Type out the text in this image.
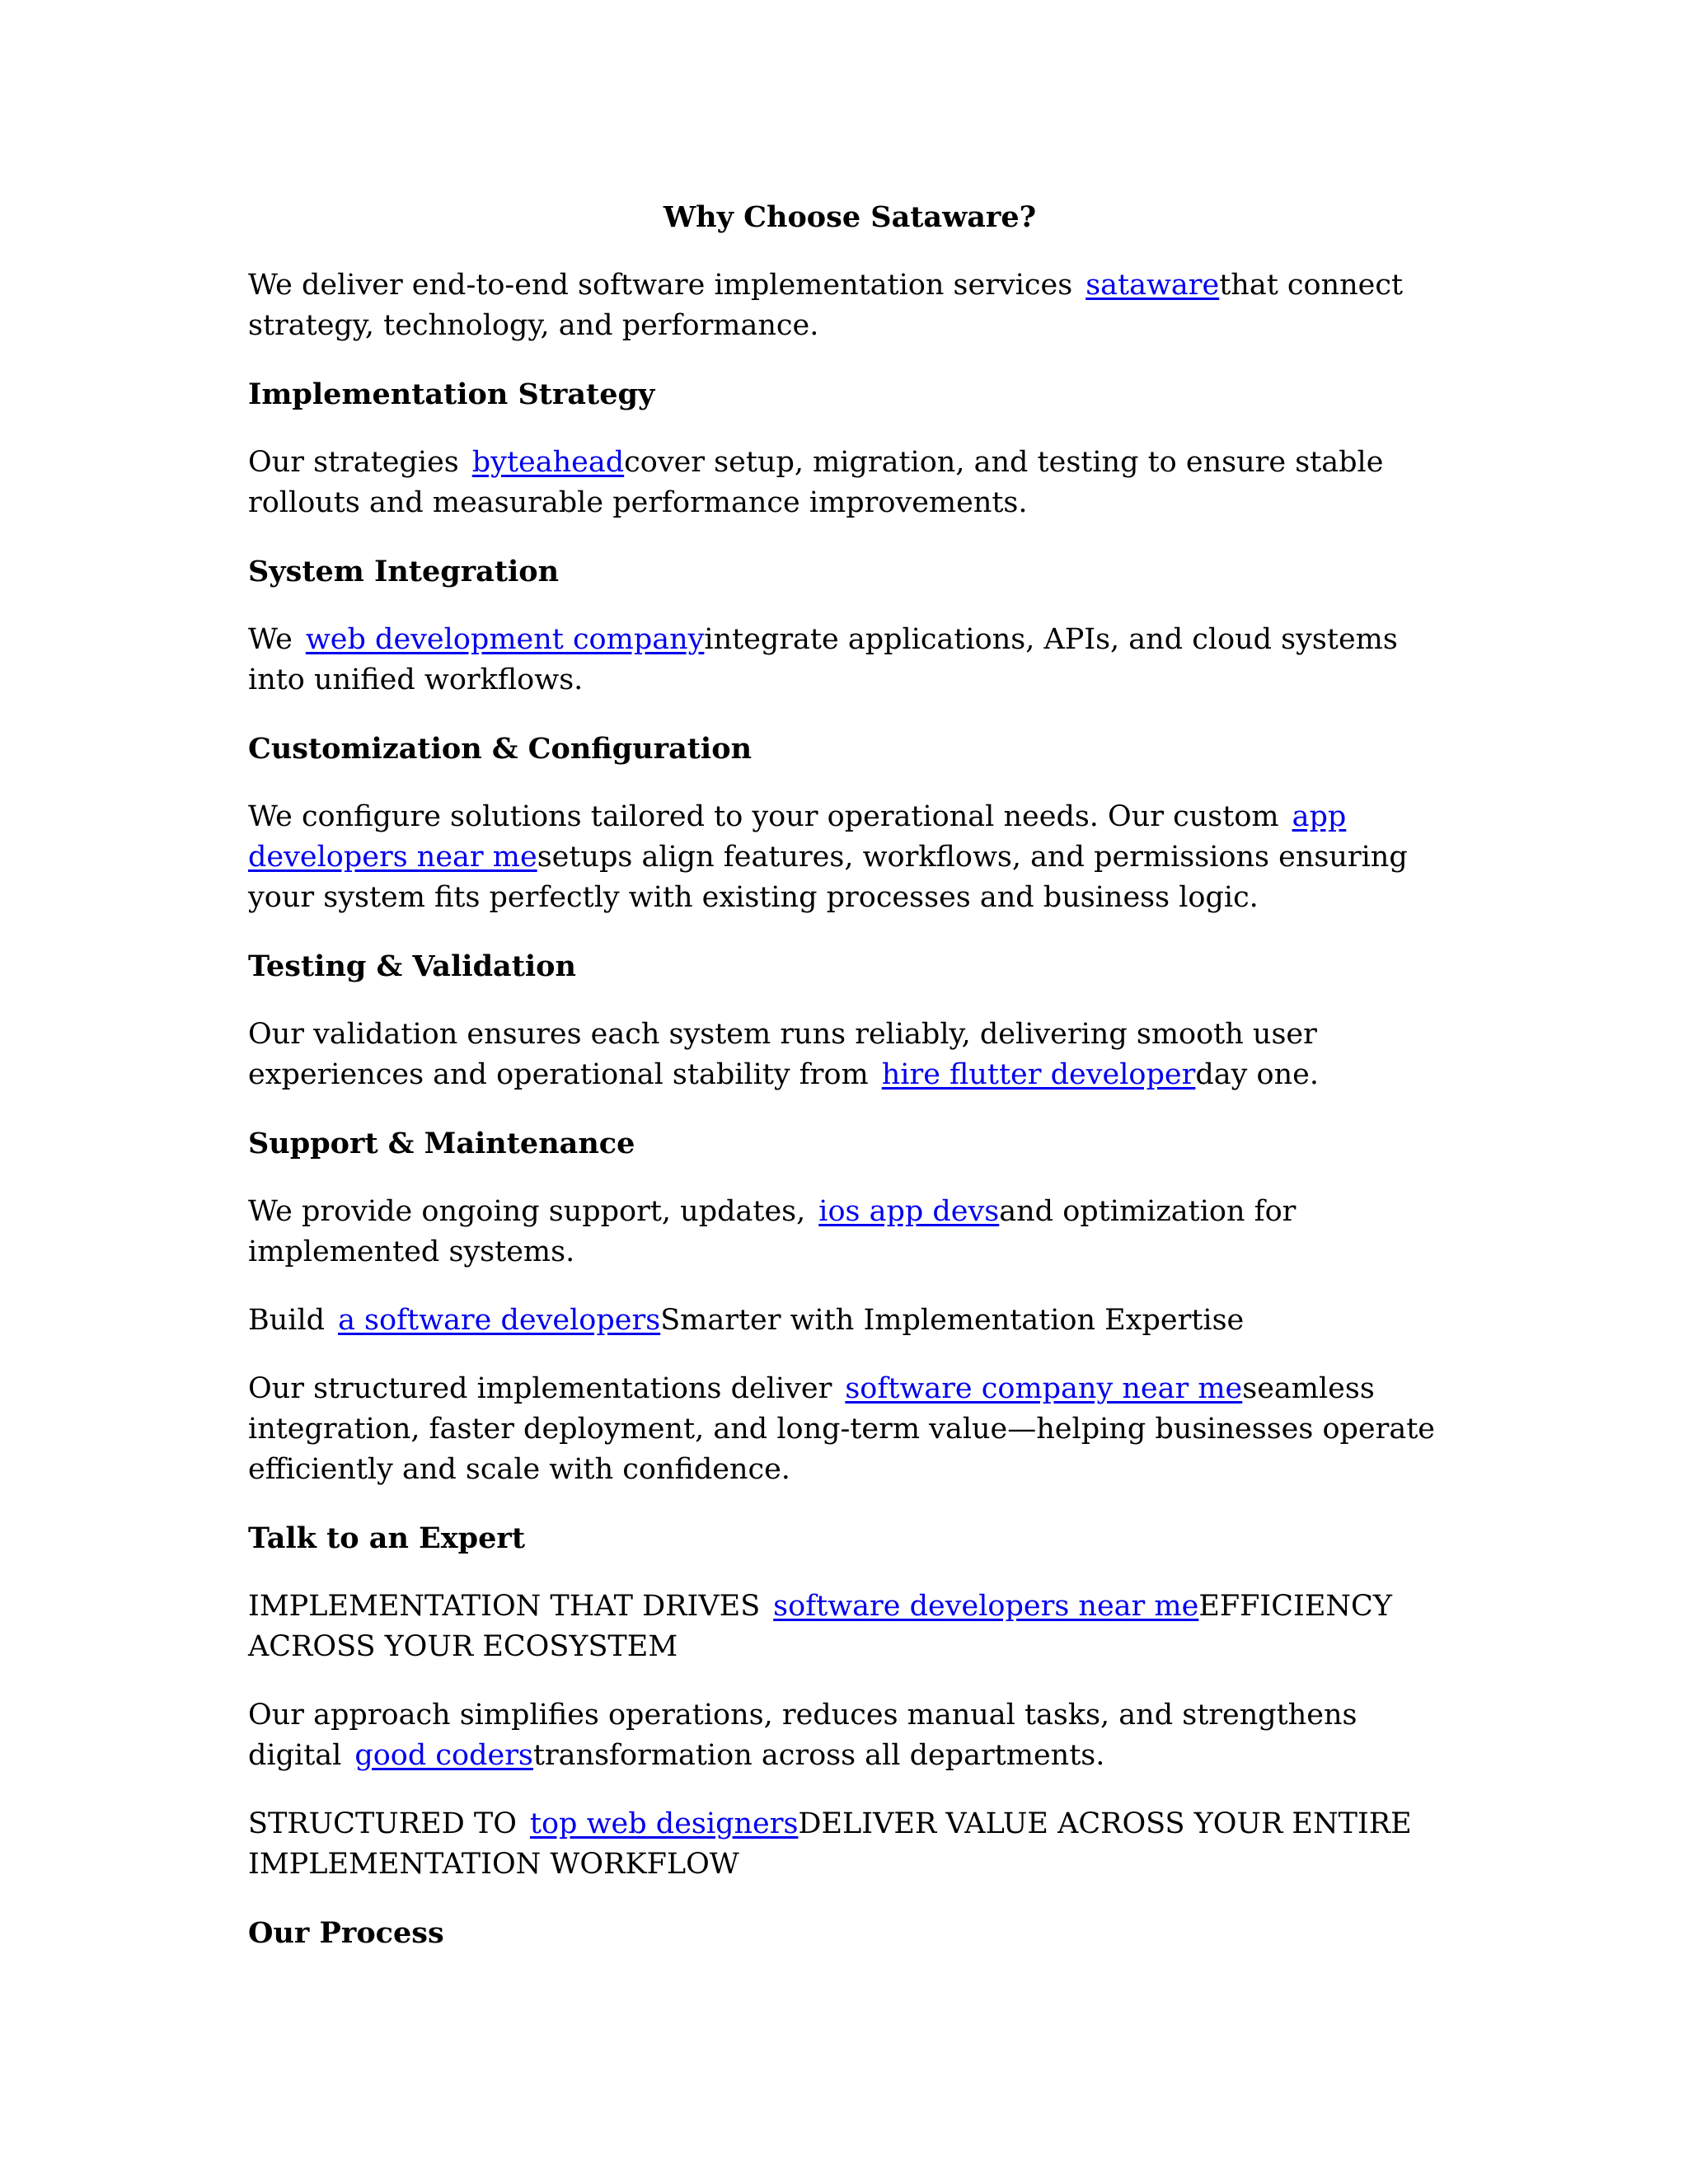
Why Choose Sataware?
We deliver end-to-end software implementation services satawarethat connect strategy, technology, and performance.
Implementation Strategy
Our strategies byteaheadcover setup, migration, and testing to ensure stable rollouts and measurable performance improvements.
System Integration
We web development companyintegrate applications, APIs, and cloud systems into unified workflows.
Customization & Configuration
We configure solutions tailored to your operational needs. Our custom app developers near mesetups align features, workflows, and permissions ensuring your system fits perfectly with existing processes and business logic.
Testing & Validation
Our validation ensures each system runs reliably, delivering smooth user experiences and operational stability from hire flutter developerday one.
Support & Maintenance
We provide ongoing support, updates, ios app devsand optimization for implemented systems.
Build a software developersSmarter with Implementation Expertise
Our structured implementations deliver software company near meseamless integration, faster deployment, and long-term value—helping businesses operate efficiently and scale with confidence.
Talk to an Expert
IMPLEMENTATION THAT DRIVES software developers near meEFFICIENCY ACROSS YOUR ECOSYSTEM
Our approach simplifies operations, reduces manual tasks, and strengthens digital good coderstransformation across all departments.
STRUCTURED TO top web designersDELIVER VALUE ACROSS YOUR ENTIRE IMPLEMENTATION WORKFLOW
Our Process
